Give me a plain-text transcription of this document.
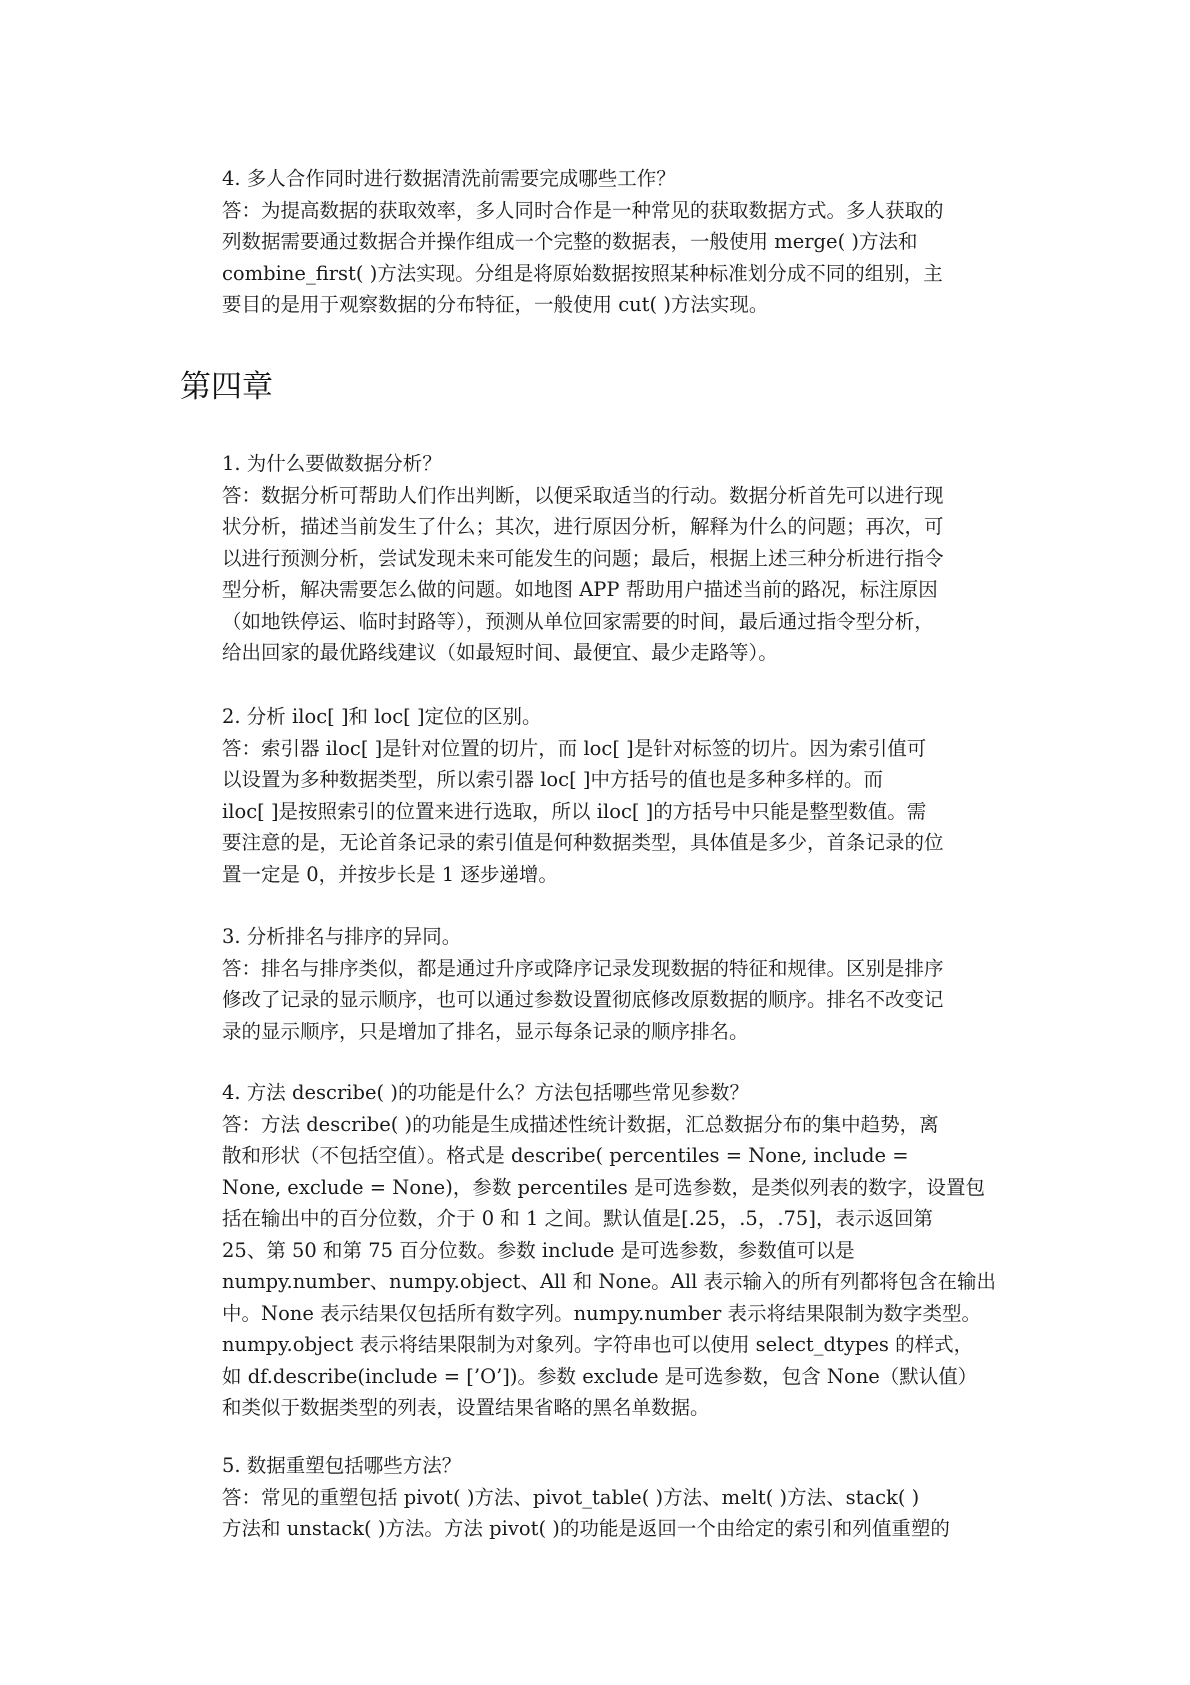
4. 多人合作同时进行数据清洗前需要完成哪些工作？

答：为提高数据的获取效率，多人同时合作是一种常见的获取数据方式。多人获取的

列数据需要通过数据合并操作组成一个完整的数据表，一般使用 merge( )方法和

combine_first( )方法实现。分组是将原始数据按照某种标准划分成不同的组别，主

要目的是用于观察数据的分布特征，一般使用 cut( )方法实现。

第四章

1. 为什么要做数据分析？

答：数据分析可帮助人们作出判断，以便采取适当的行动。数据分析首先可以进行现

状分析，描述当前发生了什么；其次，进行原因分析，解释为什么的问题；再次，可

以进行预测分析，尝试发现未来可能发生的问题；最后，根据上述三种分析进行指令

型分析，解决需要怎么做的问题。如地图 APP 帮助用户描述当前的路况，标注原因

（如地铁停运、临时封路等），预测从单位回家需要的时间，最后通过指令型分析，

给出回家的最优路线建议（如最短时间、最便宜、最少走路等）。

2. 分析 iloc[ ]和 loc[ ]定位的区别。

答：索引器 iloc[ ]是针对位置的切片，而 loc[ ]是针对标签的切片。因为索引值可

以设置为多种数据类型，所以索引器 loc[ ]中方括号的值也是多种多样的。而

iloc[ ]是按照索引的位置来进行选取，所以 iloc[ ]的方括号中只能是整型数值。需

要注意的是，无论首条记录的索引值是何种数据类型，具体值是多少，首条记录的位

置一定是 0，并按步长是 1 逐步递增。

3. 分析排名与排序的异同。

答：排名与排序类似，都是通过升序或降序记录发现数据的特征和规律。区别是排序

修改了记录的显示顺序，也可以通过参数设置彻底修改原数据的顺序。排名不改变记

录的显示顺序，只是增加了排名，显示每条记录的顺序排名。

4. 方法 describe( )的功能是什么？方法包括哪些常见参数？

答：方法 describe( )的功能是生成描述性统计数据，汇总数据分布的集中趋势，离

散和形状（不包括空值）。格式是 describe( percentiles = None, include =

None, exclude = None)，参数 percentiles 是可选参数，是类似列表的数字，设置包

括在输出中的百分位数，介于 0 和 1 之间。默认值是[.25，.5，.75]，表示返回第

25、第 50 和第 75 百分位数。参数 include 是可选参数，参数值可以是

numpy.number、numpy.object、All 和 None。All 表示输入的所有列都将包含在输出

中。None 表示结果仅包括所有数字列。numpy.number 表示将结果限制为数字类型。

numpy.object 表示将结果限制为对象列。字符串也可以使用 select_dtypes 的样式，

如 df.describe(include = [’O’])。参数 exclude 是可选参数，包含 None（默认值）

和类似于数据类型的列表，设置结果省略的黑名单数据。

5. 数据重塑包括哪些方法？

答：常见的重塑包括 pivot( )方法、pivot_table( )方法、melt( )方法、stack( )

方法和 unstack( )方法。方法 pivot( )的功能是返回一个由给定的索引和列值重塑的
